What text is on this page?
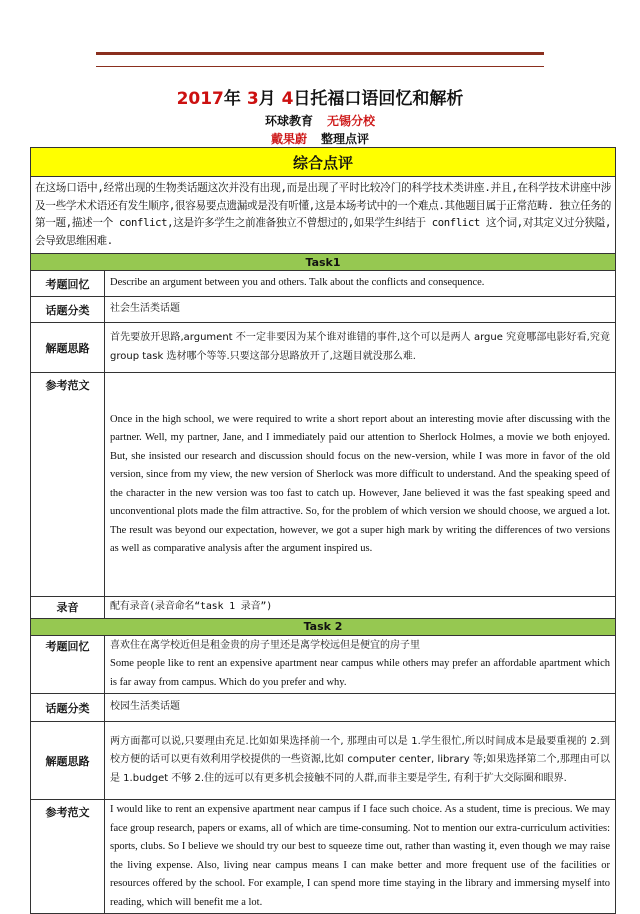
2017年 3月 4日托福口语回忆和解析
环球教育 无锡分校
戴果蔚 整理点评
综合点评	
在这场口语中,经常出现的生物类话题这次并没有出现,而是出现了平时比较冷门的科学技术类讲座.并且,在科学技术讲座中涉及一些学术术语还有发生顺序,很容易要点遗漏或是没有听懂,这是本场考试中的一个难点.其他题目属于正常范畴. 独立任务的第一题,描述一个 conflict,这是许多学生之前准备独立不曾想过的,如果学生纠结于 conflict 这个词,对其定义过分狭隘,会导致思维困难.	
Task1	
考题回忆	Describe an argument between you and others. Talk about the conflicts and consequence.
话题分类	社会生活类话题
解题思路	首先要放开思路,argument 不一定非要因为某个谁对谁错的事件,这个可以是两人 argue 究竟哪部电影好看,究竟 group task 选材哪个等等.只要这部分思路放开了,这题目就没那么难.
参考范文	Once in the high school, we were required to write a short report about an interesting movie after discussing with the partner. Well, my partner, Jane, and I immediately paid our attention to Sherlock Holmes, a movie we both enjoyed. But, she insisted our research and discussion should focus on the new-version, while I was more in favor of the old version, since from my view, the new version of Sherlock was more difficult to understand. And the speaking speed of the character in the new version was too fast to catch up. However, Jane believed it was the fast speaking speed and unconventional plots made the film attractive. So, for the problem of which version we should choose, we argued a lot. The result was beyond our expectation, however, we got a super high mark by writing the differences of two versions as well as comparative analysis after the argument inspired us.
录音	配有录音(录音命名“task 1 录音”)
Task 2	
考题回忆	喜欢住在离学校近但是租金贵的房子里还是离学校远但是便宜的房子里

Some people like to rent an expensive apartment near campus while others may prefer an affordable apartment which is far away from campus. Which do you prefer and why.

话题分类	校园生活类话题
解题思路	两方面都可以说,只要理由充足.比如如果选择前一个, 那理由可以是 1.学生很忙,所以时间成本是最要重视的 2.到校方便的话可以更有效利用学校提供的一些资源,比如 computer center, library 等;如果选择第二个,那理由可以是 1.budget 不够 2.住的远可以有更多机会接触不同的人群,而非主要是学生, 有利于扩大交际圈和眼界.
参考范文	I would like to rent an expensive apartment near campus if I face such choice. As a student, time is precious. We may face group research, papers or exams, all of which are time-consuming. Not to mention our extra-curriculum activities: sports, clubs. So I believe we should try our best to squeeze time out, rather than wasting it, even though we may raise the living expense. Also, living near campus means I can make better and more frequent use of the facilities or resources offered by the school. For example, I can spend more time staying in the library and immersing myself into reading, which will benefit me a lot.
